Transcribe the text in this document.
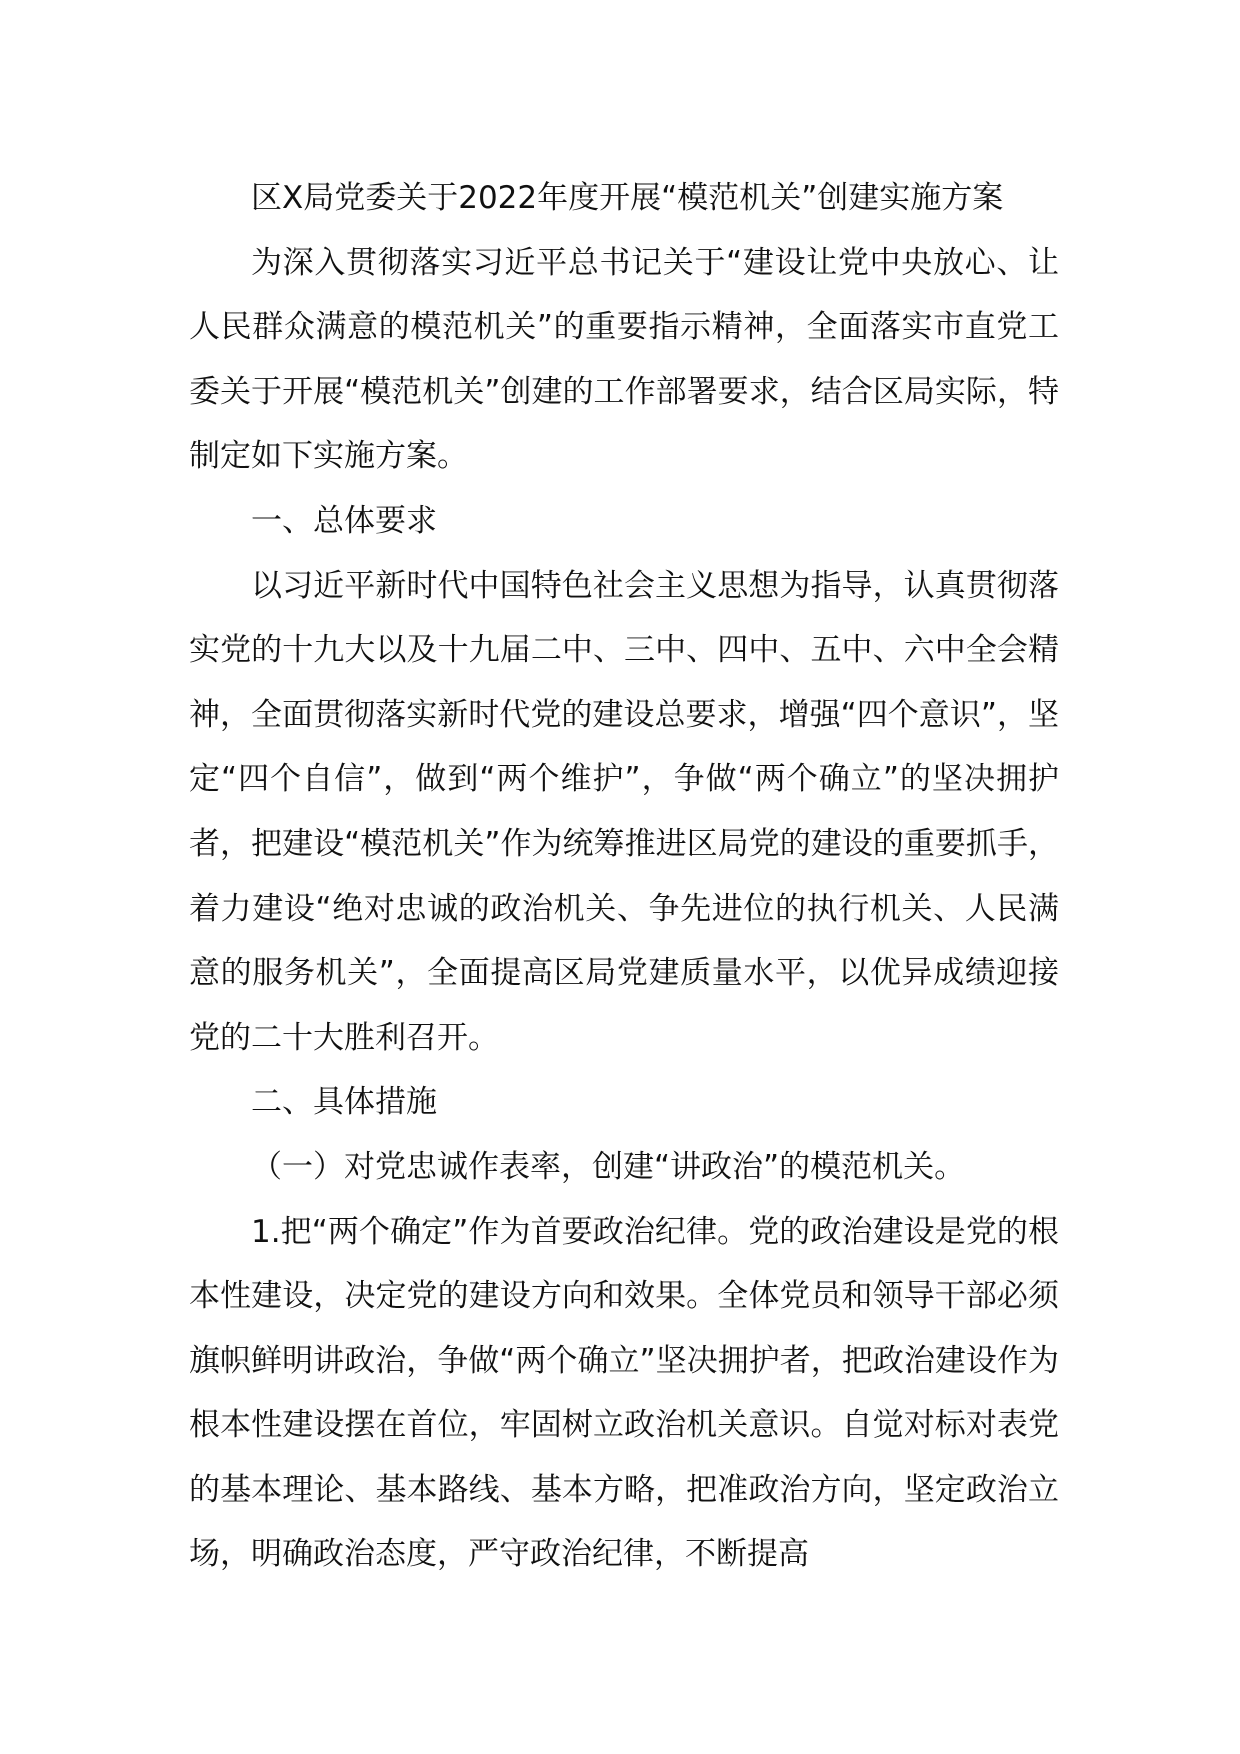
区X局党委关于2022年度开展“模范机关”创建实施方案

为深入贯彻落实习近平总书记关于“建设让党中央放心、让人民群众满意的模范机关”的重要指示精神，全面落实市直党工委关于开展“模范机关”创建的工作部署要求，结合区局实际，特制定如下实施方案。

一、总体要求

以习近平新时代中国特色社会主义思想为指导，认真贯彻落实党的十九大以及十九届二中、三中、四中、五中、六中全会精神，全面贯彻落实新时代党的建设总要求，增强“四个意识”，坚定“四个自信”，做到“两个维护”，争做“两个确立”的坚决拥护者，把建设“模范机关”作为统筹推进区局党的建设的重要抓手，着力建设“绝对忠诚的政治机关、争先进位的执行机关、人民满意的服务机关”，全面提高区局党建质量水平，以优异成绩迎接党的二十大胜利召开。

二、具体措施

（一）对党忠诚作表率，创建“讲政治”的模范机关。

1.把“两个确定”作为首要政治纪律。党的政治建设是党的根本性建设，决定党的建设方向和效果。全体党员和领导干部必须旗帜鲜明讲政治，争做“两个确立”坚决拥护者，把政治建设作为根本性建设摆在首位，牢固树立政治机关意识。自觉对标对表党的基本理论、基本路线、基本方略，把准政治方向，坚定政治立场，明确政治态度，严守政治纪律，不断提高
